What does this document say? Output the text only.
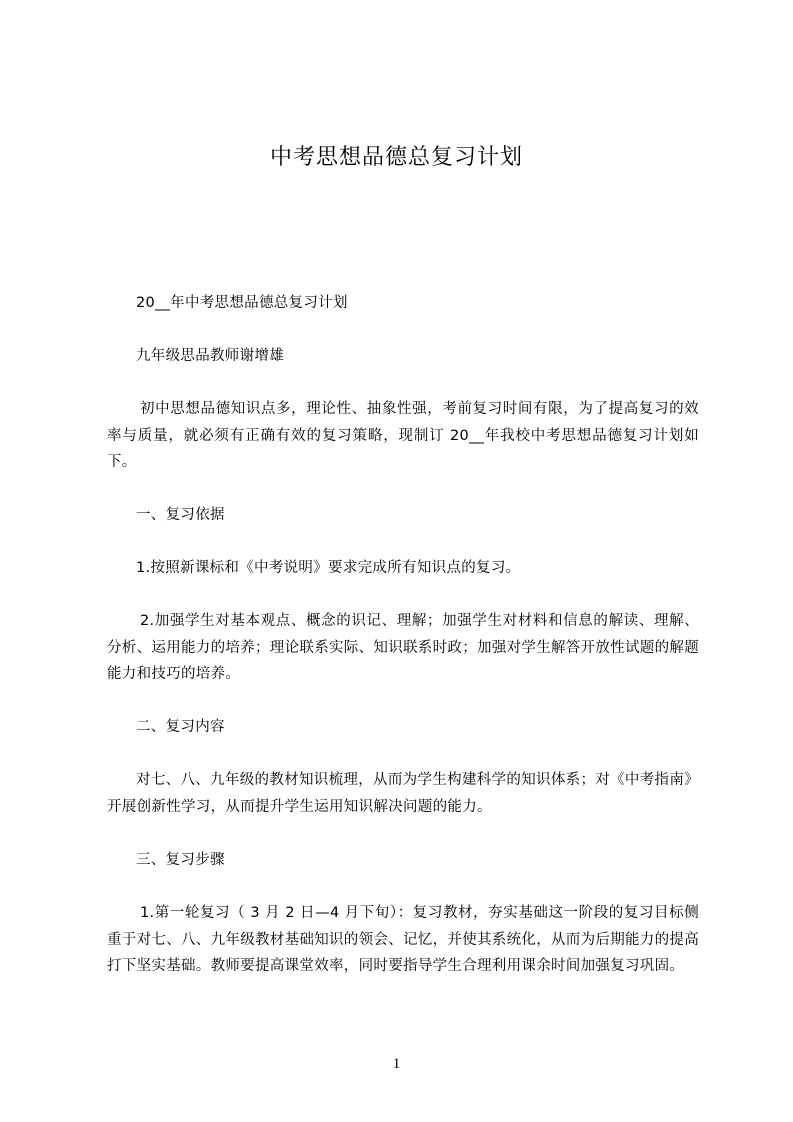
中考思想品德总复习计划
20__年中考思想品德总复习计划
九年级思品教师谢增雄
初中思想品德知识点多，理论性、抽象性强，考前复习时间有限，为了提高复习的效率与质量，就必须有正确有效的复习策略，现制订 20__年我校中考思想品德复习计划如下。
一、复习依据
1.按照新课标和《中考说明》要求完成所有知识点的复习。
2.加强学生对基本观点、概念的识记、理解；加强学生对材料和信息的解读、理解、分析、运用能力的培养；理论联系实际、知识联系时政；加强对学生解答开放性试题的解题能力和技巧的培养。
二、复习内容
对七、八、九年级的教材知识梳理，从而为学生构建科学的知识体系；对《中考指南》开展创新性学习，从而提升学生运用知识解决问题的能力。
三、复习步骤
1.第一轮复习（ 3 月 2 日—4 月下旬）：复习教材，夯实基础这一阶段的复习目标侧重于对七、八、九年级教材基础知识的领会、记忆，并使其系统化，从而为后期能力的提高打下坚实基础。教师要提高课堂效率，同时要指导学生合理利用课余时间加强复习巩固。
1
